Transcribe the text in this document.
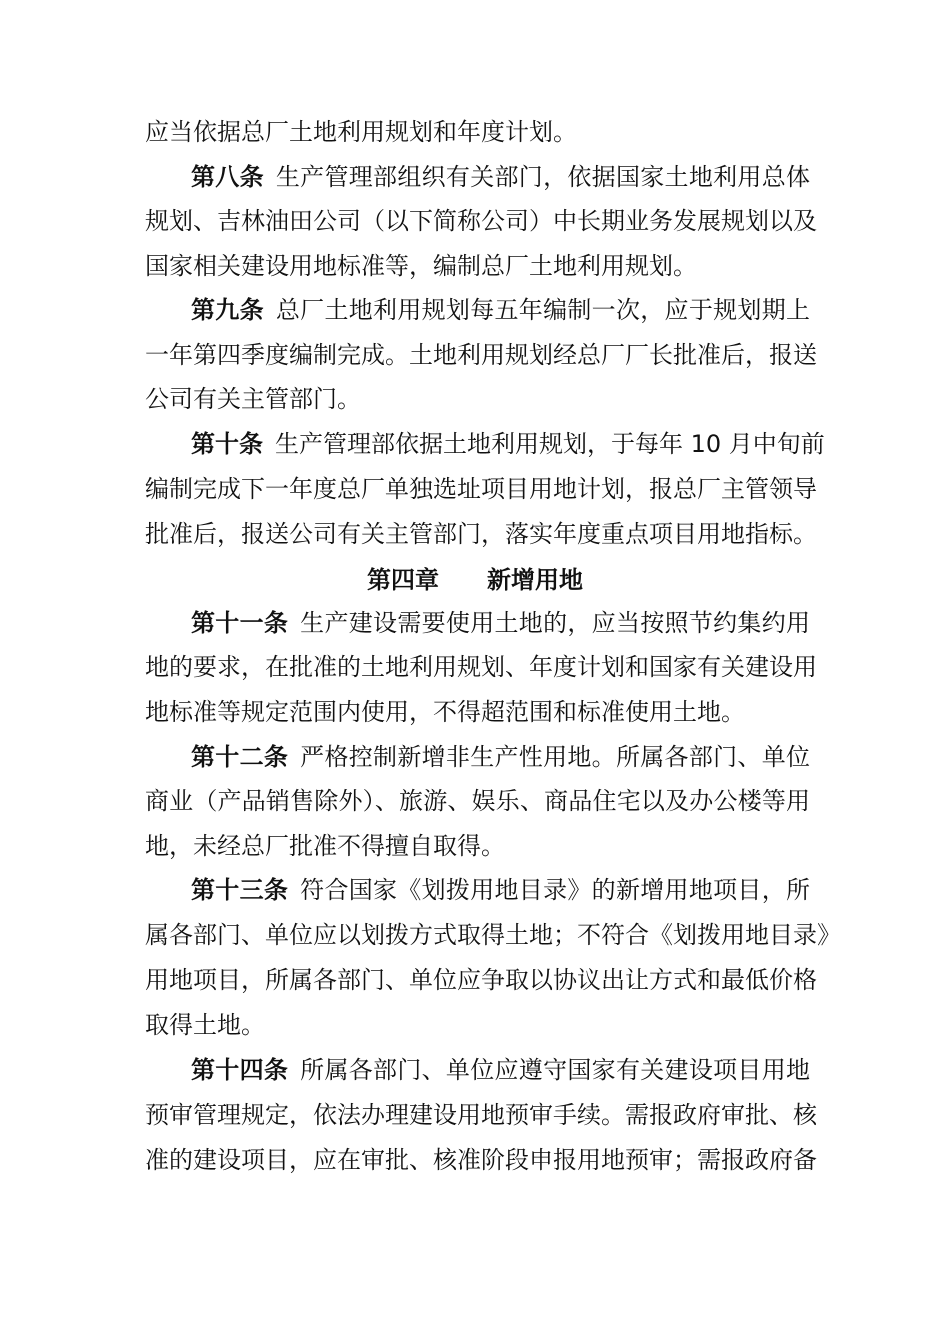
应当依据总厂土地利用规划和年度计划。
第八条 生产管理部组织有关部门，依据国家土地利用总体
规划、吉林油田公司（以下简称公司）中长期业务发展规划以及
国家相关建设用地标准等，编制总厂土地利用规划。
第九条 总厂土地利用规划每五年编制一次，应于规划期上
一年第四季度编制完成。土地利用规划经总厂厂长批准后，报送
公司有关主管部门。
第十条 生产管理部依据土地利用规划，于每年 10 月中旬前
编制完成下一年度总厂单独选址项目用地计划，报总厂主管领导
批准后，报送公司有关主管部门，落实年度重点项目用地指标。
第四章 新增用地
第十一条 生产建设需要使用土地的，应当按照节约集约用
地的要求，在批准的土地利用规划、年度计划和国家有关建设用
地标准等规定范围内使用，不得超范围和标准使用土地。
第十二条 严格控制新增非生产性用地。所属各部门、单位
商业（产品销售除外）、旅游、娱乐、商品住宅以及办公楼等用
地，未经总厂批准不得擅自取得。
第十三条 符合国家《划拨用地目录》的新增用地项目，所
属各部门、单位应以划拨方式取得土地；不符合《划拨用地目录》
用地项目，所属各部门、单位应争取以协议出让方式和最低价格
取得土地。
第十四条 所属各部门、单位应遵守国家有关建设项目用地
预审管理规定，依法办理建设用地预审手续。需报政府审批、核
准的建设项目，应在审批、核准阶段申报用地预审；需报政府备
